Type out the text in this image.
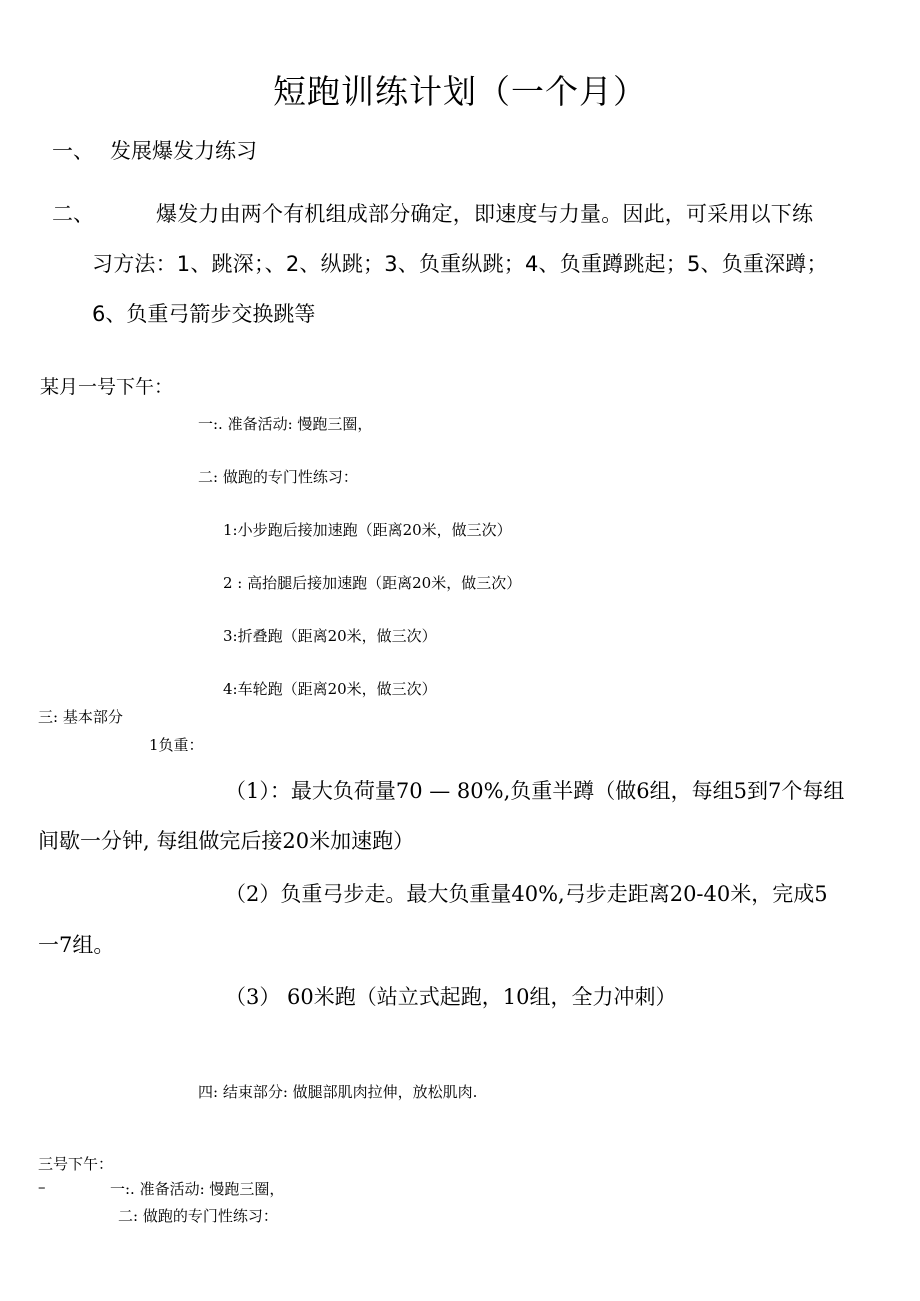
短跑训练计划（一个月）
一、 发展爆发力练习
二、	爆发力由两个有机组成部分确定，即速度与力量。因此，可采用以下练
习方法：1、跳深；、2、纵跳；3、负重纵跳；4、负重蹲跳起；5、负重深蹲；
6、负重弓箭步交换跳等
某月一号下午：
一:. 准备活动: 慢跑三圈，
二: 做跑的专门性练习：
1:小步跑后接加速跑（距离20米，做三次）
2 : 高抬腿后接加速跑（距离20米，做三次）
3:折叠跑（距离20米，做三次）
4:车轮跑（距离20米，做三次）
三: 基本部分
1负重：
（1）：最大负荷量70 — 80%,负重半蹲（做6组，每组5到7个每组
间歇一分钟, 每组做完后接20米加速跑）
（2）负重弓步走。最大负重量40%,弓步走距离20-40米，完成5
一7组。
（3） 60米跑（站立式起跑，10组，全力冲刺）
四: 结束部分: 做腿部肌肉拉伸，放松肌肉.
三号下午：
–	一:. 准备活动: 慢跑三圈，
二: 做跑的专门性练习：
